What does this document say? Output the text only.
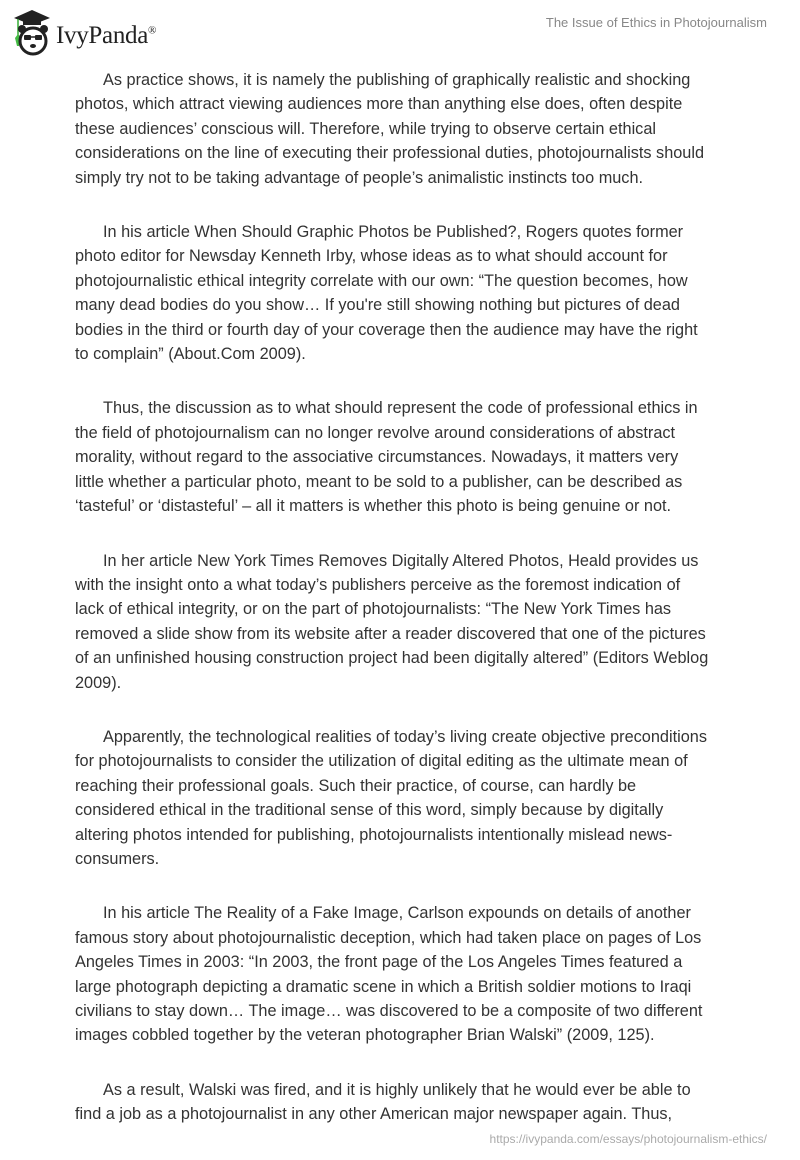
IvyPanda®
The Issue of Ethics in Photojournalism

As practice shows, it is namely the publishing of graphically realistic and shocking
photos, which attract viewing audiences more than anything else does, often despite
these audiences’ conscious will. Therefore, while trying to observe certain ethical
considerations on the line of executing their professional duties, photojournalists should
simply try not to be taking advantage of people’s animalistic instincts too much.

In his article When Should Graphic Photos be Published?, Rogers quotes former
photo editor for Newsday Kenneth Irby, whose ideas as to what should account for
photojournalistic ethical integrity correlate with our own: “The question becomes, how
many dead bodies do you show… If you're still showing nothing but pictures of dead
bodies in the third or fourth day of your coverage then the audience may have the right
to complain” (About.Com 2009).

Thus, the discussion as to what should represent the code of professional ethics in
the field of photojournalism can no longer revolve around considerations of abstract
morality, without regard to the associative circumstances. Nowadays, it matters very
little whether a particular photo, meant to be sold to a publisher, can be described as
‘tasteful’ or ‘distasteful’ – all it matters is whether this photo is being genuine or not.

In her article New York Times Removes Digitally Altered Photos, Heald provides us
with the insight onto a what today’s publishers perceive as the foremost indication of
lack of ethical integrity, or on the part of photojournalists: “The New York Times has
removed a slide show from its website after a reader discovered that one of the pictures
of an unfinished housing construction project had been digitally altered” (Editors Weblog
2009).

Apparently, the technological realities of today’s living create objective preconditions
for photojournalists to consider the utilization of digital editing as the ultimate mean of
reaching their professional goals. Such their practice, of course, can hardly be
considered ethical in the traditional sense of this word, simply because by digitally
altering photos intended for publishing, photojournalists intentionally mislead news-
consumers.

In his article The Reality of a Fake Image, Carlson expounds on details of another
famous story about photojournalistic deception, which had taken place on pages of Los
Angeles Times in 2003: “In 2003, the front page of the Los Angeles Times featured a
large photograph depicting a dramatic scene in which a British soldier motions to Iraqi
civilians to stay down… The image… was discovered to be a composite of two different
images cobbled together by the veteran photographer Brian Walski” (2009, 125).

As a result, Walski was fired, and it is highly unlikely that he would ever be able to
find a job as a photojournalist in any other American major newspaper again. Thus,

https://ivypanda.com/essays/photojournalism-ethics/
